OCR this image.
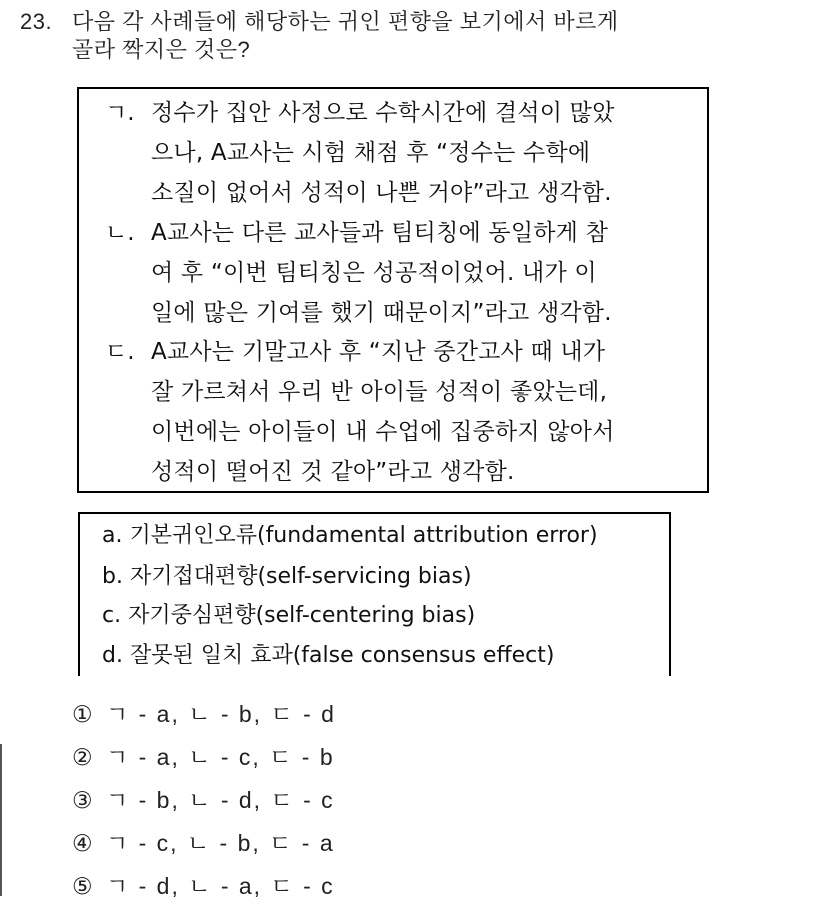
23. 다음 각 사례들에 해당하는 귀인 편향을 보기에서 바르게
골라 짝지은 것은?
ㄱ. 정수가 집안 사정으로 수학시간에 결석이 많았
으나, A교사는 시험 채점 후 “정수는 수학에
소질이 없어서 성적이 나쁜 거야”라고 생각함.
ㄴ. A교사는 다른 교사들과 팀티칭에 동일하게 참
여 후 “이번 팀티칭은 성공적이었어. 내가 이
일에 많은 기여를 했기 때문이지”라고 생각함.
ㄷ. A교사는 기말고사 후 “지난 중간고사 때 내가
잘 가르쳐서 우리 반 아이들 성적이 좋았는데,
이번에는 아이들이 내 수업에 집중하지 않아서
성적이 떨어진 것 같아”라고 생각함.
a. 기본귀인오류(fundamental attribution error)
b. 자기접대편향(self-servicing bias)
c. 자기중심편향(self-centering bias)
d. 잘못된 일치 효과(false consensus effect)
① ㄱ - a, ㄴ - b, ㄷ - d
② ㄱ - a, ㄴ - c, ㄷ - b
③ ㄱ - b, ㄴ - d, ㄷ - c
④ ㄱ - c, ㄴ - b, ㄷ - a
⑤ ㄱ - d, ㄴ - a, ㄷ - c
